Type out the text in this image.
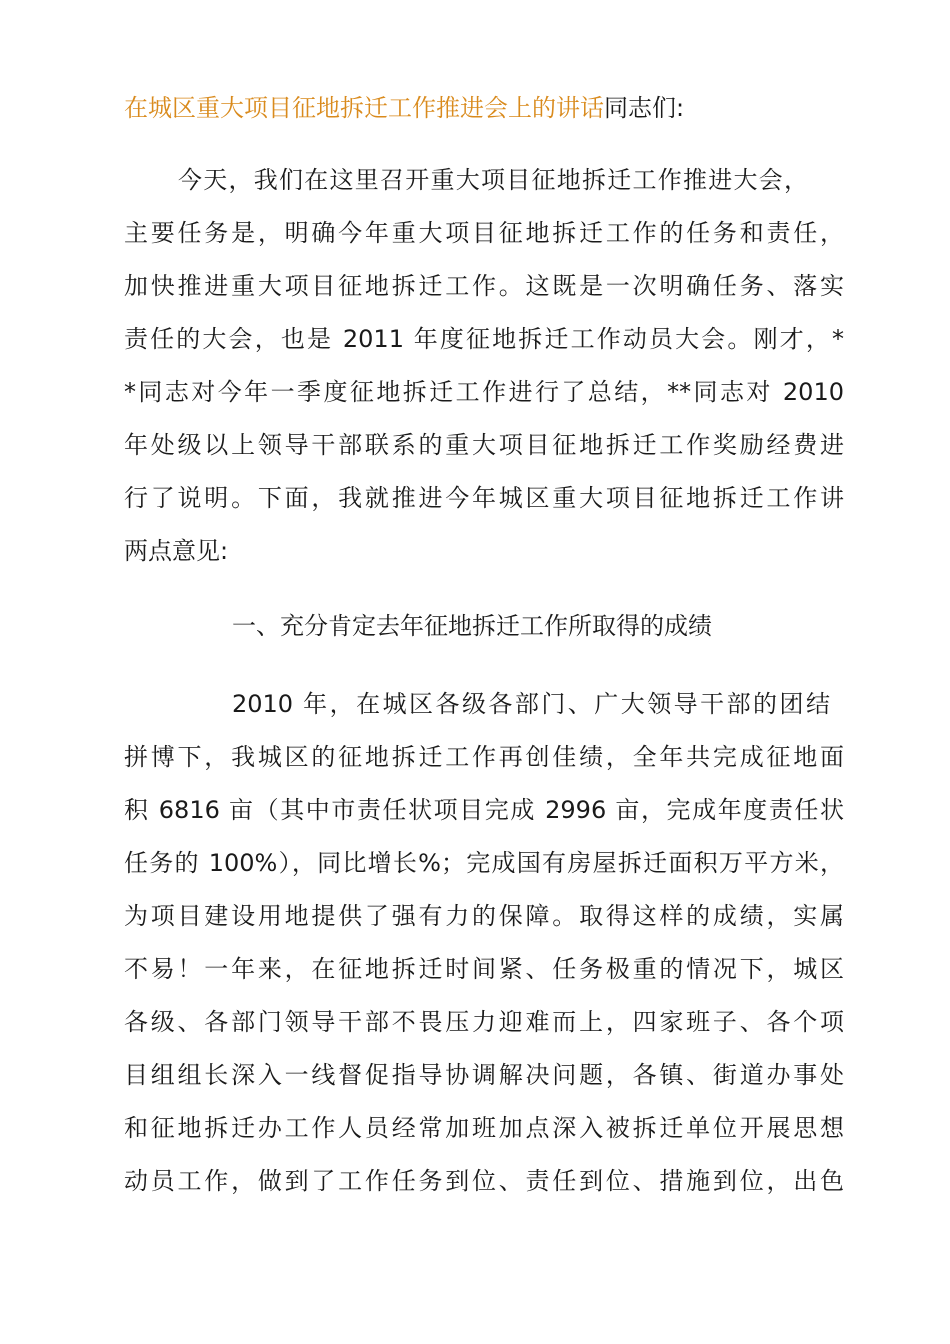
在城区重大项目征地拆迁工作推进会上的讲话同志们:
今天，我们在这里召开重大项目征地拆迁工作推进大会，
主要任务是，明确今年重大项目征地拆迁工作的任务和责任，
加快推进重大项目征地拆迁工作。这既是一次明确任务、落实
责任的大会，也是 2011 年度征地拆迁工作动员大会。刚才，*
*同志对今年一季度征地拆迁工作进行了总结，**同志对 2010
年处级以上领导干部联系的重大项目征地拆迁工作奖励经费进
行了说明。下面，我就推进今年城区重大项目征地拆迁工作讲
两点意见:
一、充分肯定去年征地拆迁工作所取得的成绩
2010 年，在城区各级各部门、广大领导干部的团结
拼博下，我城区的征地拆迁工作再创佳绩，全年共完成征地面
积 6816 亩（其中市责任状项目完成 2996 亩，完成年度责任状
任务的 100%），同比增长%；完成国有房屋拆迁面积万平方米，
为项目建设用地提供了强有力的保障。取得这样的成绩，实属
不易！一年来，在征地拆迁时间紧、任务极重的情况下，城区
各级、各部门领导干部不畏压力迎难而上，四家班子、各个项
目组组长深入一线督促指导协调解决问题，各镇、街道办事处
和征地拆迁办工作人员经常加班加点深入被拆迁单位开展思想
动员工作，做到了工作任务到位、责任到位、措施到位，出色
